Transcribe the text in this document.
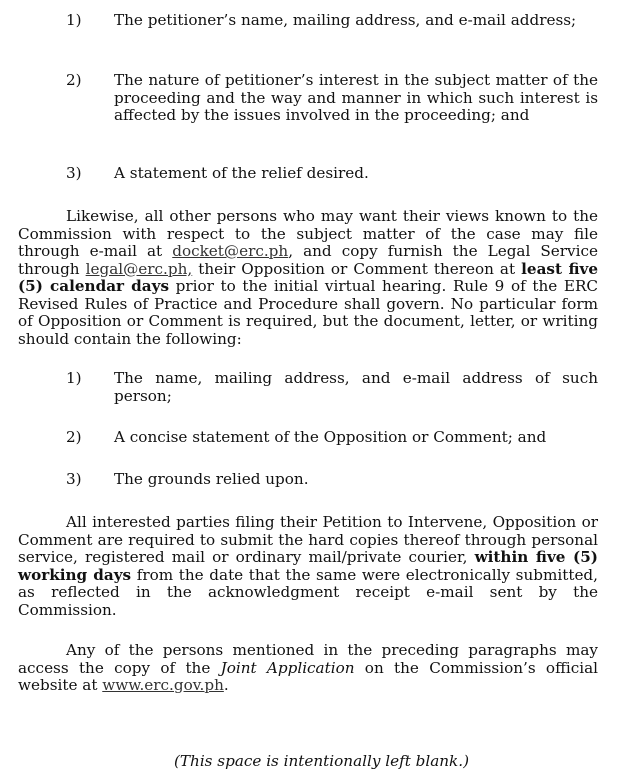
1) The petitioner’s name, mailing address, and e-mail address;
2) The nature of petitioner’s interest in the subject matter of the proceeding and the way and manner in which such interest is affected by the issues involved in the proceeding; and
3) A statement of the relief desired.
Likewise, all other persons who may want their views known to the Commission with respect to the subject matter of the case may file through e-mail at docket@erc.ph, and copy furnish the Legal Service through legal@erc.ph, their Opposition or Comment thereon at least five (5) calendar days prior to the initial virtual hearing. Rule 9 of the ERC Revised Rules of Practice and Procedure shall govern. No particular form of Opposition or Comment is required, but the document, letter, or writing should contain the following:
1) The name, mailing address, and e-mail address of such person;
2) A concise statement of the Opposition or Comment; and
3) The grounds relied upon.
All interested parties filing their Petition to Intervene, Opposition or Comment are required to submit the hard copies thereof through personal service, registered mail or ordinary mail/private courier, within five (5) working days from the date that the same were electronically submitted, as reflected in the acknowledgment receipt e-mail sent by the Commission.
Any of the persons mentioned in the preceding paragraphs may access the copy of the Joint Application on the Commission’s official website at www.erc.gov.ph.
(This space is intentionally left blank.)
